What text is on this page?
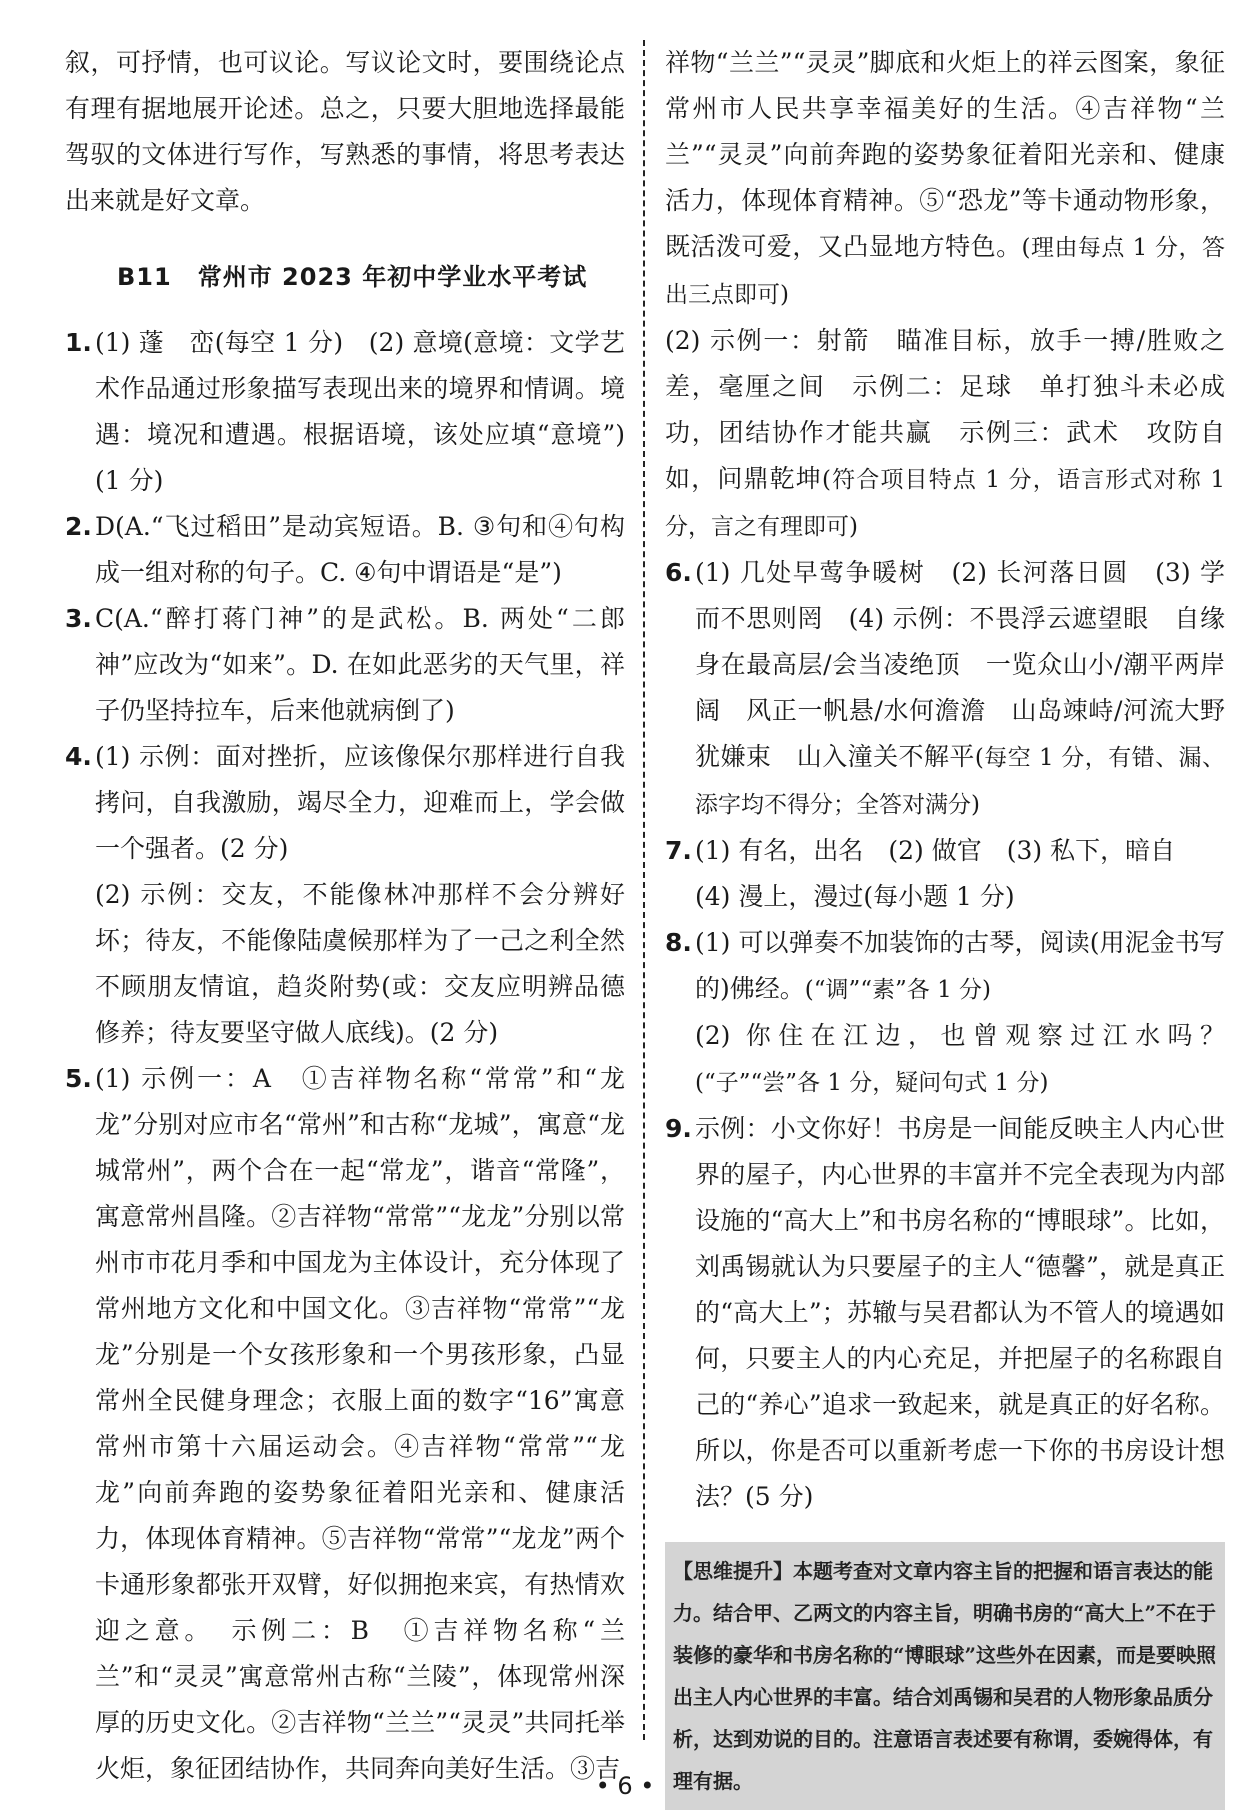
叙，可抒情，也可议论。写议论文时，要围绕论点有理有据地展开论述。总之，只要大胆地选择最能驾驭的文体进行写作，写熟悉的事情，将思考表达出来就是好文章。

B11 常州市 2023 年初中学业水平考试
1. (1) 蓬　峦(每空 1 分)　(2) 意境(意境：文学艺术作品通过形象描写表现出来的境界和情调。境遇：境况和遭遇。根据语境，该处应填“意境”)(1 分)

2. D(A.“飞过稻田”是动宾短语。B. ③句和④句构成一组对称的句子。C. ④句中谓语是“是”)

3. C(A.“醉打蒋门神”的是武松。B. 两处“二郎神”应改为“如来”。D. 在如此恶劣的天气里，祥子仍坚持拉车，后来他就病倒了)

4. (1) 示例：面对挫折，应该像保尔那样进行自我拷问，自我激励，竭尽全力，迎难而上，学会做一个强者。(2 分)

(2) 示例：交友，不能像林冲那样不会分辨好坏；待友，不能像陆虞候那样为了一己之利全然不顾朋友情谊，趋炎附势(或：交友应明辨品德修养；待友要坚守做人底线)。(2 分)

5. (1) 示例一：A　①吉祥物名称“常常”和“龙龙”分别对应市名“常州”和古称“龙城”，寓意“龙城常州”，两个合在一起“常龙”，谐音“常隆”，寓意常州昌隆。②吉祥物“常常”“龙龙”分别以常州市市花月季和中国龙为主体设计，充分体现了常州地方文化和中国文化。③吉祥物“常常”“龙龙”分别是一个女孩形象和一个男孩形象，凸显常州全民健身理念；衣服上面的数字“16”寓意常州市第十六届运动会。④吉祥物“常常”“龙龙”向前奔跑的姿势象征着阳光亲和、健康活力，体现体育精神。⑤吉祥物“常常”“龙龙”两个卡通形象都张开双臂，好似拥抱来宾，有热情欢迎之意。　示例二：B　①吉祥物名称“兰兰”和“灵灵”寓意常州古称“兰陵”，体现常州深厚的历史文化。②吉祥物“兰兰”“灵灵”共同托举火炬，象征团结协作，共同奔向美好生活。③吉

祥物“兰兰”“灵灵”脚底和火炬上的祥云图案，象征常州市人民共享幸福美好的生活。④吉祥物“兰兰”“灵灵”向前奔跑的姿势象征着阳光亲和、健康活力，体现体育精神。⑤“恐龙”等卡通动物形象，既活泼可爱，又凸显地方特色。(理由每点 1 分，答出三点即可)

(2) 示例一：射箭　瞄准目标，放手一搏/胜败之差，毫厘之间　示例二：足球　单打独斗未必成功，团结协作才能共赢　示例三：武术　攻防自如，问鼎乾坤(符合项目特点 1 分，语言形式对称 1 分，言之有理即可)

6. (1) 几处早莺争暖树　(2) 长河落日圆　(3) 学而不思则罔　(4) 示例：不畏浮云遮望眼　自缘身在最高层/会当凌绝顶　一览众山小/潮平两岸阔　风正一帆悬/水何澹澹　山岛竦峙/河流大野犹嫌束　山入潼关不解平(每空 1 分，有错、漏、添字均不得分；全答对满分)

7. (1) 有名，出名　(2) 做官　(3) 私下，暗自

(4) 漫上，漫过(每小题 1 分)

8. (1) 可以弹奏不加装饰的古琴，阅读(用泥金书写的)佛经。(“调”“素”各 1 分)

(2) 你住在江边，也曾观察过江水吗？(“子”“尝”各 1 分，疑问句式 1 分)

9. 示例：小文你好！书房是一间能反映主人内心世界的屋子，内心世界的丰富并不完全表现为内部设施的“高大上”和书房名称的“博眼球”。比如，刘禹锡就认为只要屋子的主人“德馨”，就是真正的“高大上”；苏辙与吴君都认为不管人的境遇如何，只要主人的内心充足，并把屋子的名称跟自己的“养心”追求一致起来，就是真正的好名称。所以，你是否可以重新考虑一下你的书房设计想法？(5 分)

【思维提升】本题考查对文章内容主旨的把握和语言表达的能力。结合甲、乙两文的内容主旨，明确书房的“高大上”不在于装修的豪华和书房名称的“博眼球”这些外在因素，而是要映照出主人内心世界的丰富。结合刘禹锡和吴君的人物形象品质分析，达到劝说的目的。注意语言表述要有称谓，委婉得体，有理有据。
• 6 •
